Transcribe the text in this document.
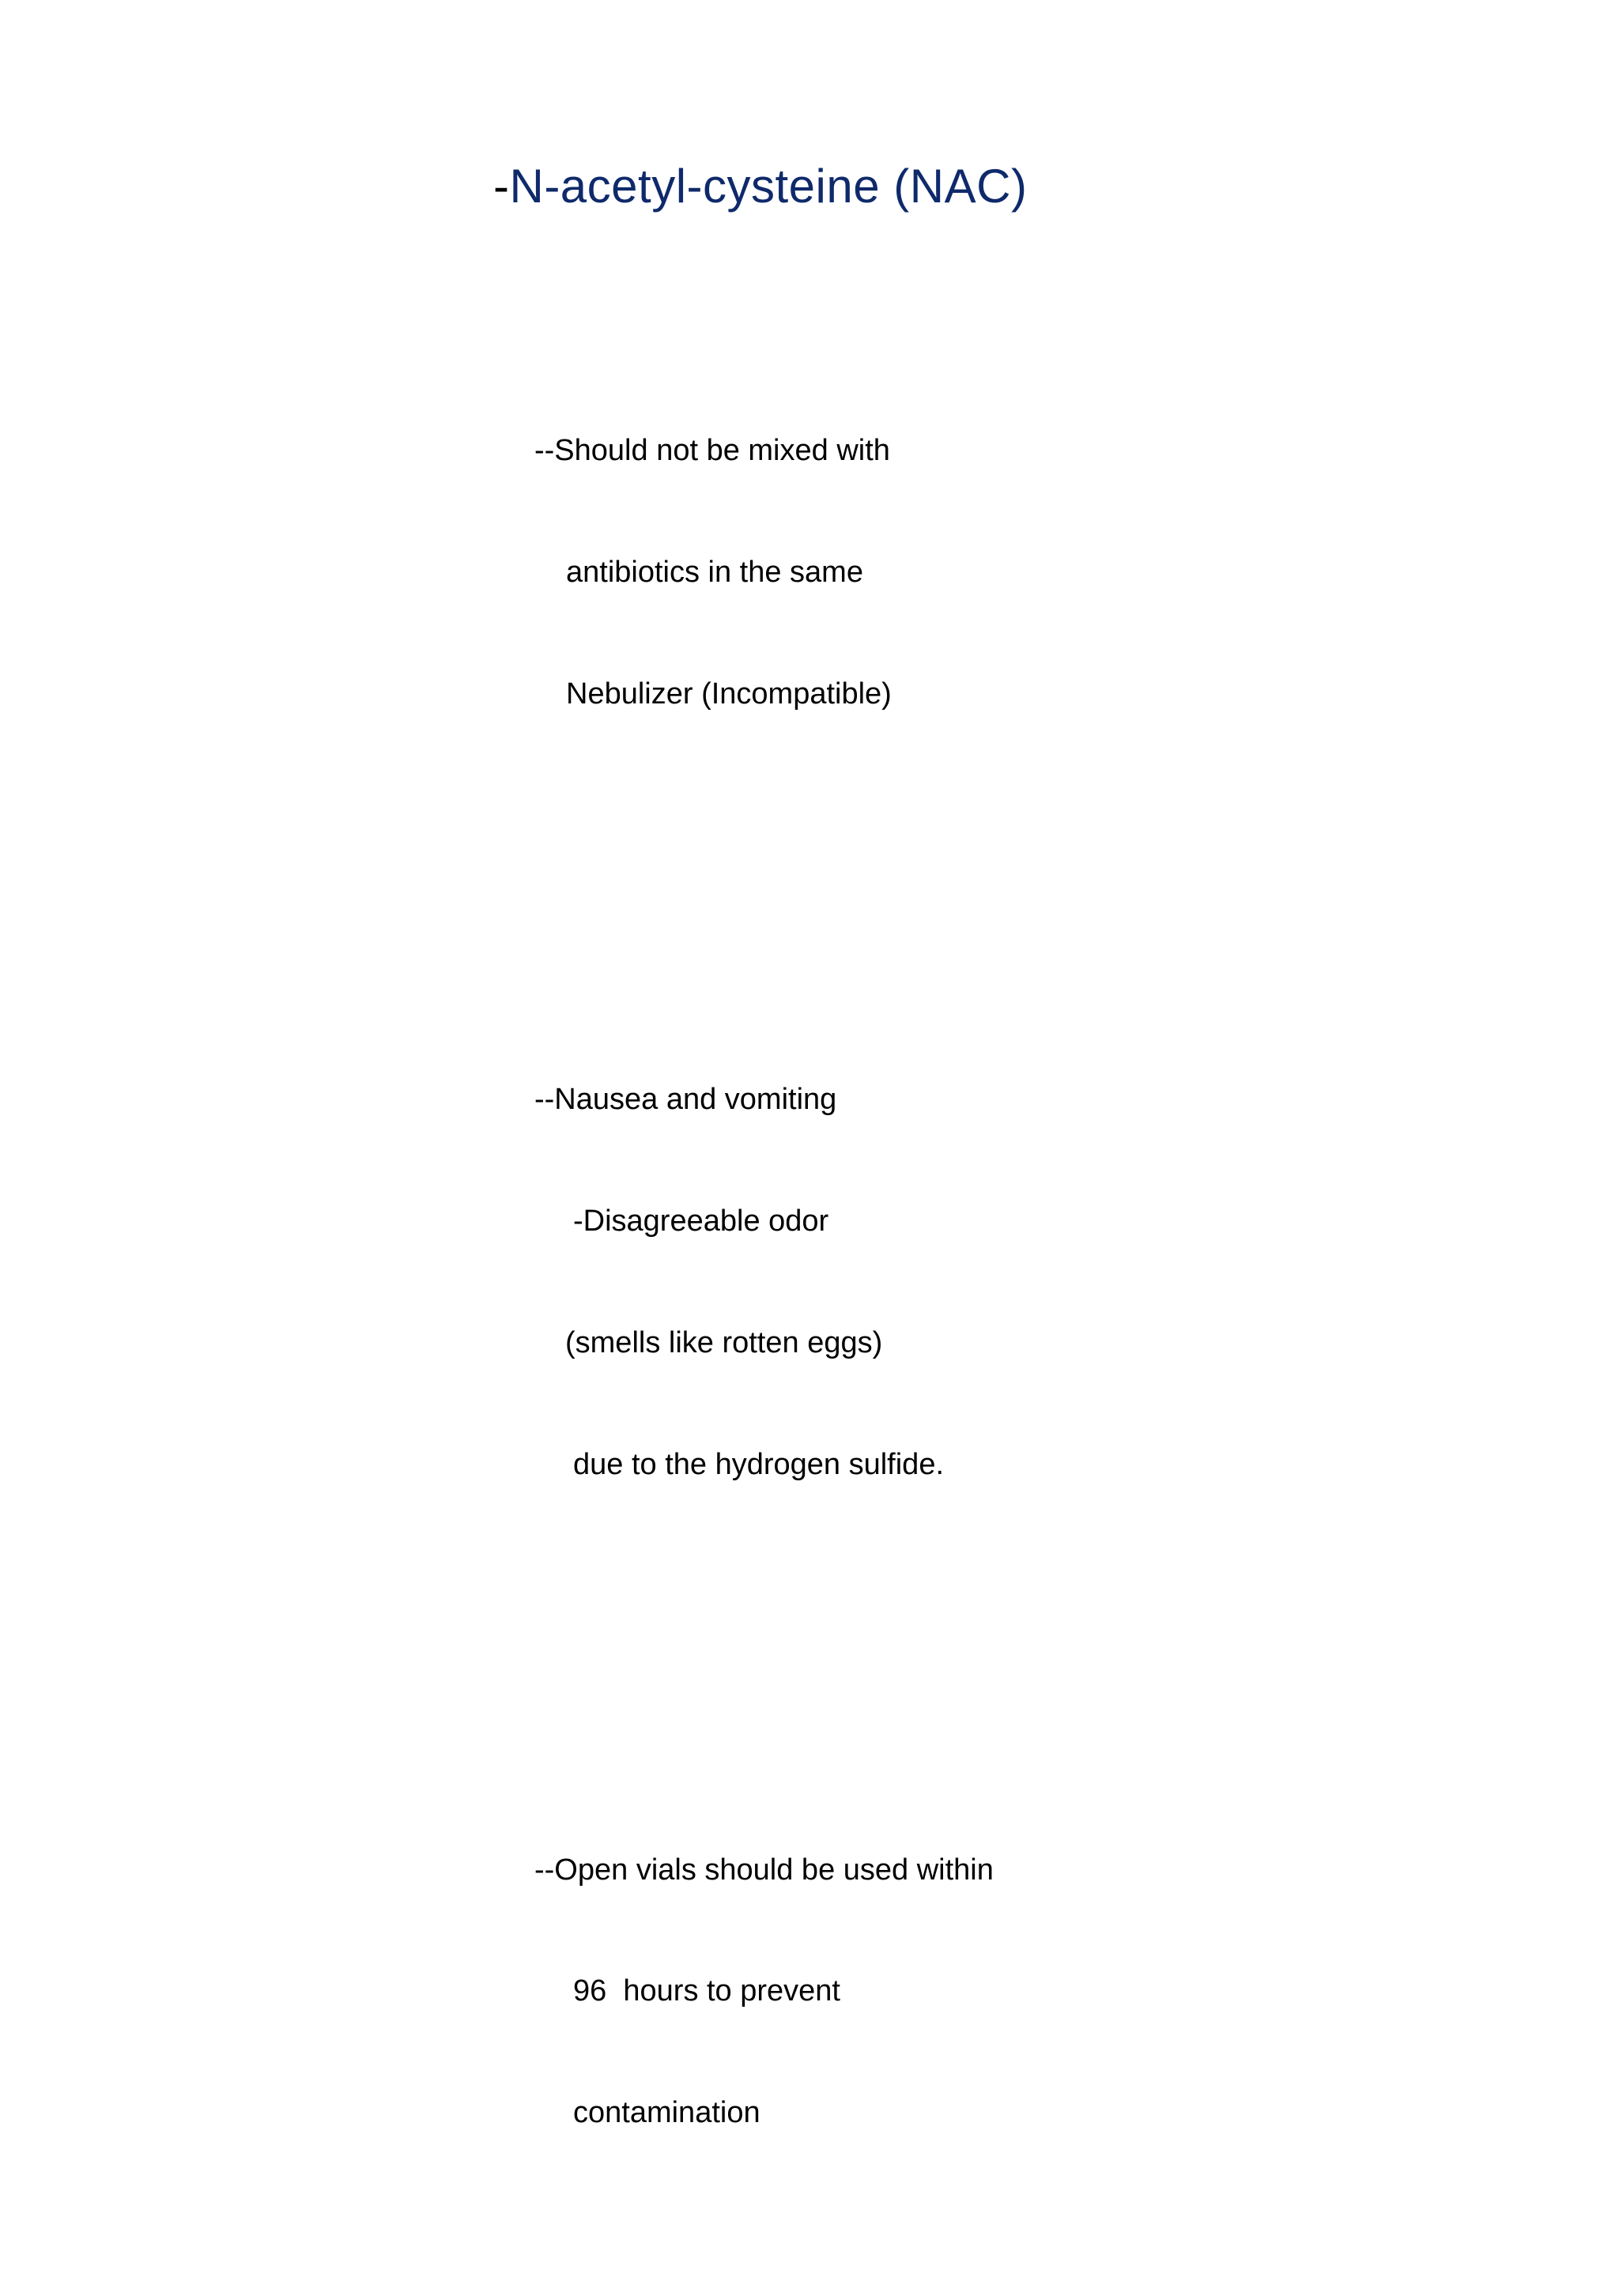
-N-acetyl-cysteine (NAC)

--Should not be mixed with

antibiotics in the same

Nebulizer (Incompatible)

--Nausea and vomiting

-Disagreeable odor

(smells like rotten eggs)

due to the hydrogen sulfide.

--Open vials should be used within

96  hours to prevent

contamination
